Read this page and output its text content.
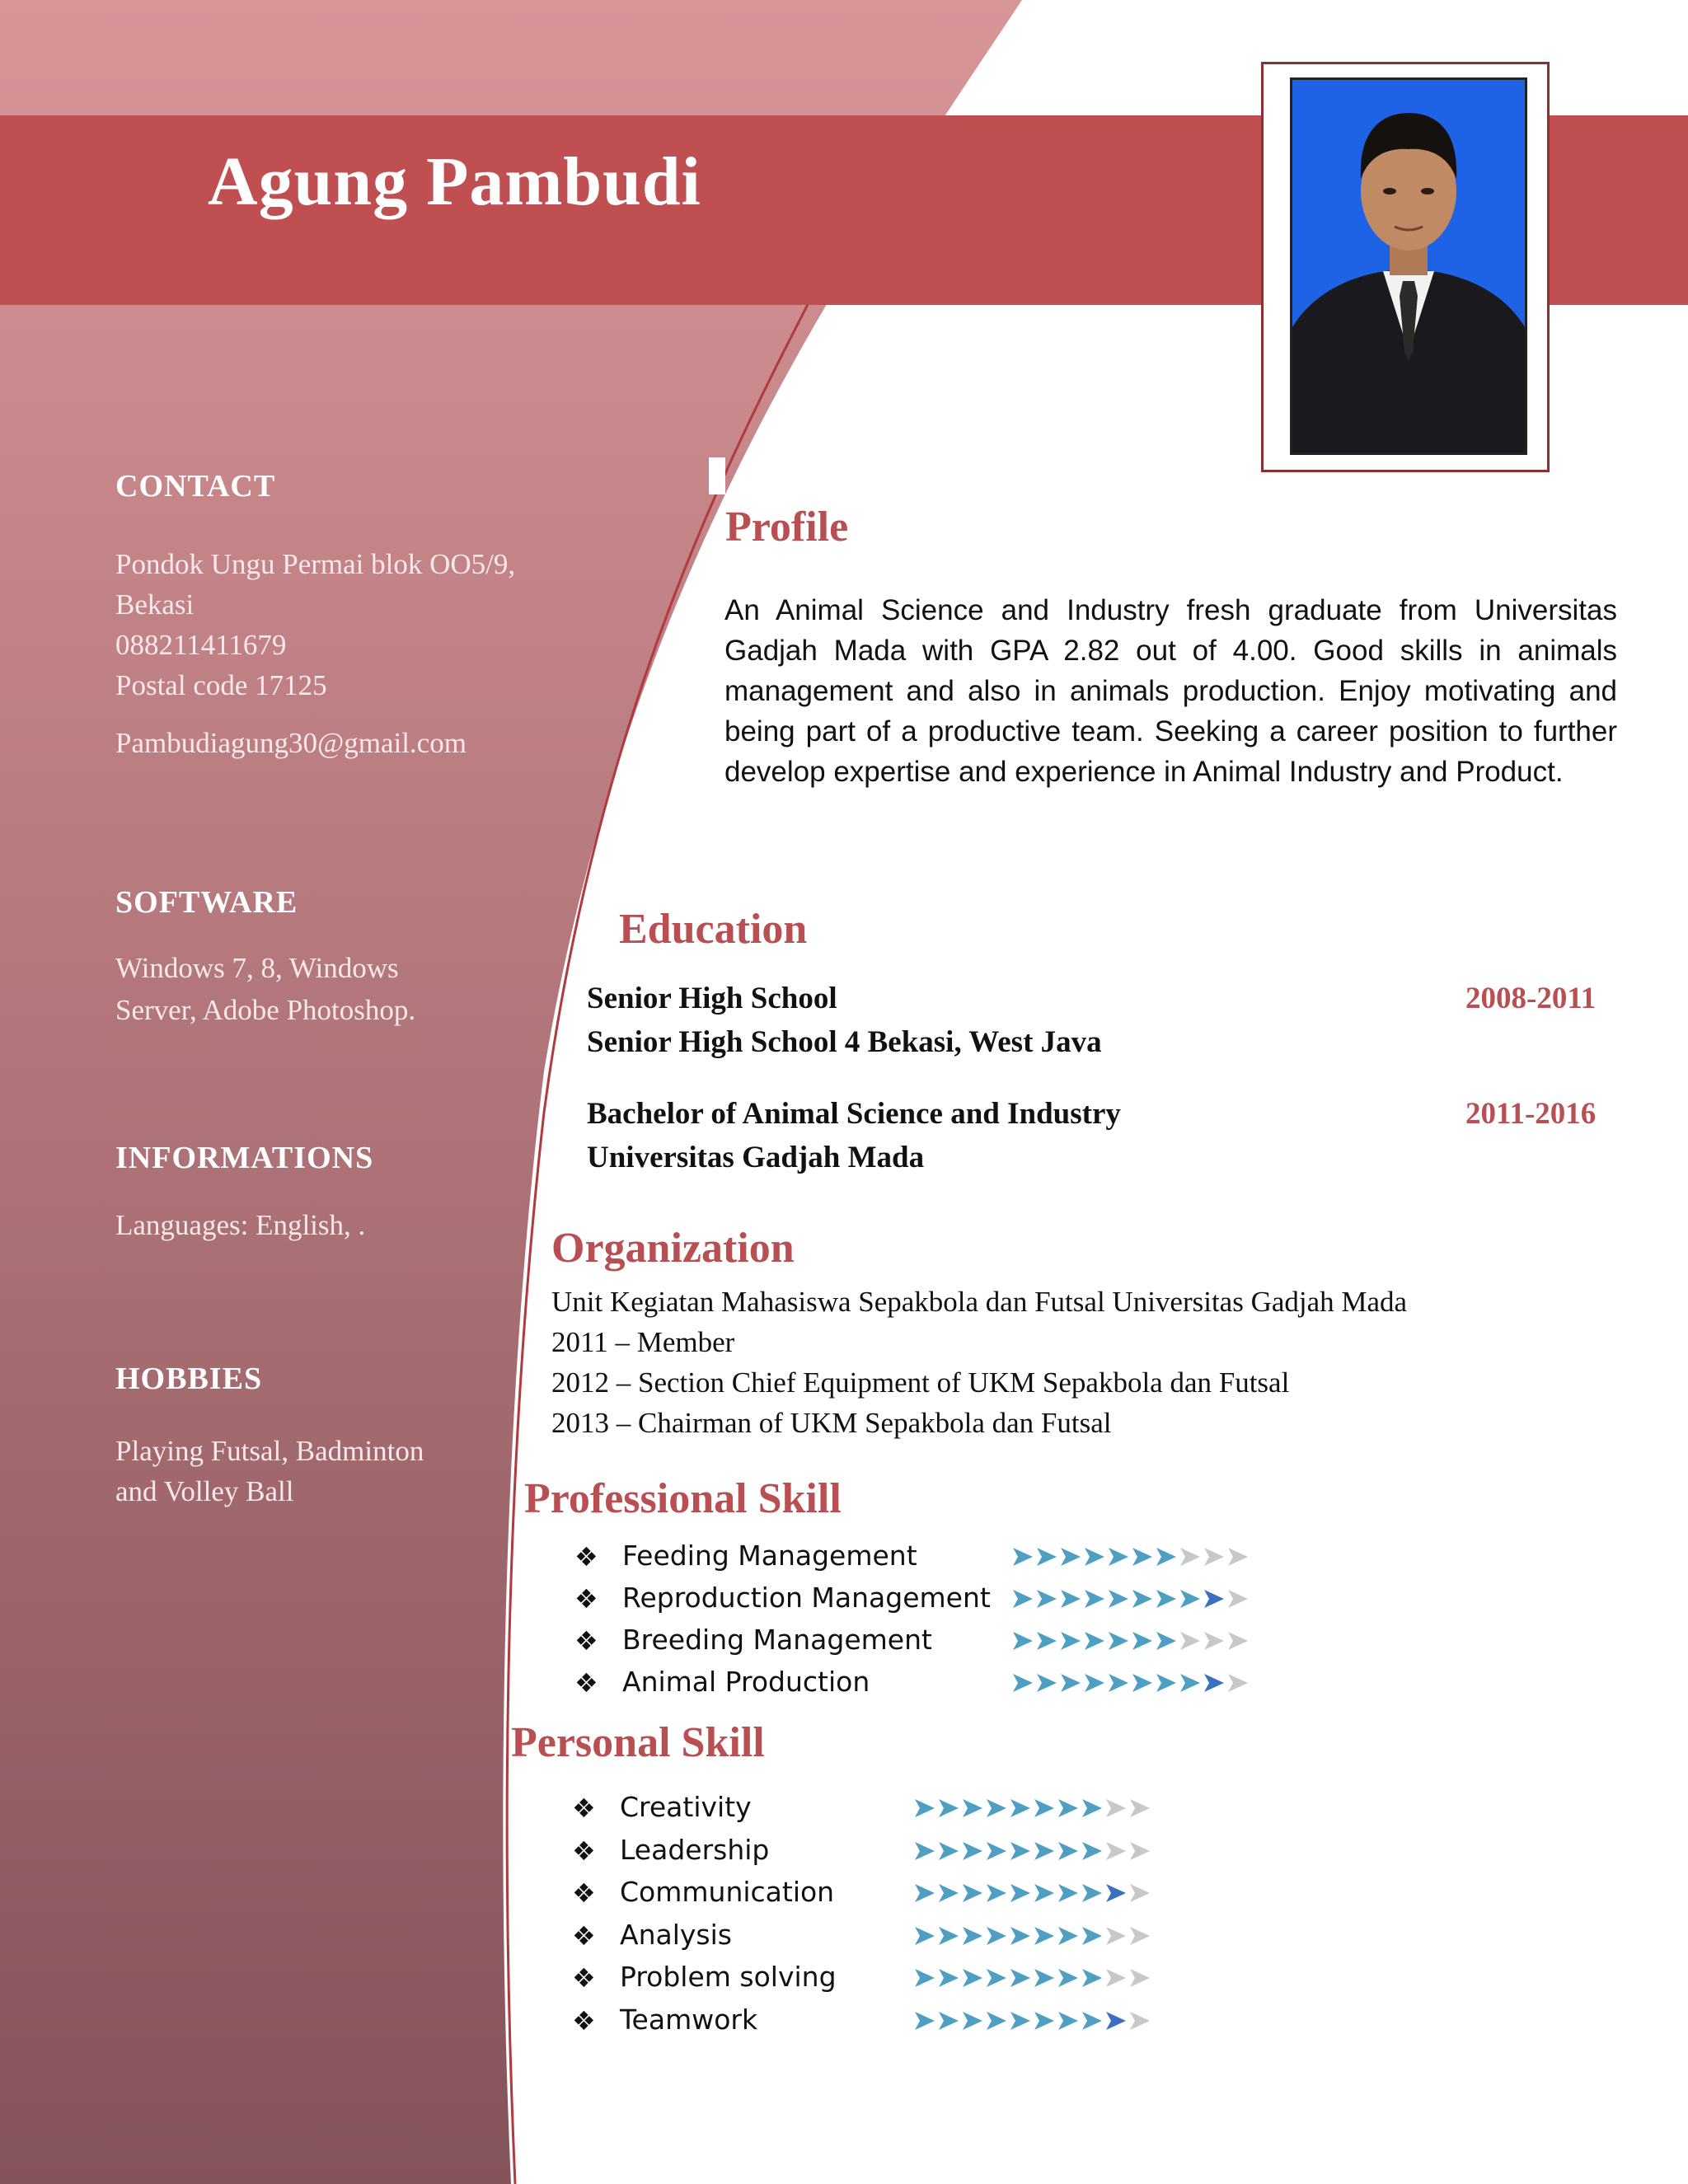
Agung Pambudi
CONTACT
Pondok Ungu Permai blok OO5/9,
Bekasi
088211411679
Postal code 17125
Pambudiagung30@gmail.com
SOFTWARE
Windows 7, 8, Windows
Server, Adobe Photoshop.
INFORMATIONS
Languages: English, .
HOBBIES
Playing Futsal, Badminton
and Volley Ball
Profile
An Animal Science and Industry fresh graduate from Universitas Gadjah Mada with GPA 2.82 out of 4.00. Good skills in animals management and also in animals production. Enjoy motivating and being part of a productive team. Seeking a career position to further develop expertise and experience in Animal Industry and Product.
Education
Senior High School	2008-2011
Senior High School 4 Bekasi, West Java
Bachelor of Animal Science and Industry	2011-2016
Universitas Gadjah Mada
Organization
Unit Kegiatan Mahasiswa Sepakbola dan Futsal Universitas Gadjah Mada
2011 – Member
2012 – Section Chief Equipment of UKM Sepakbola dan Futsal
2013 – Chairman of UKM Sepakbola dan Futsal
Professional Skill
❖ Feeding Management
❖ Reproduction Management
❖ Breeding Management
❖ Animal Production
Personal Skill
❖ Creativity
❖ Leadership
❖ Communication
❖ Analysis
❖ Problem solving
❖ Teamwork
